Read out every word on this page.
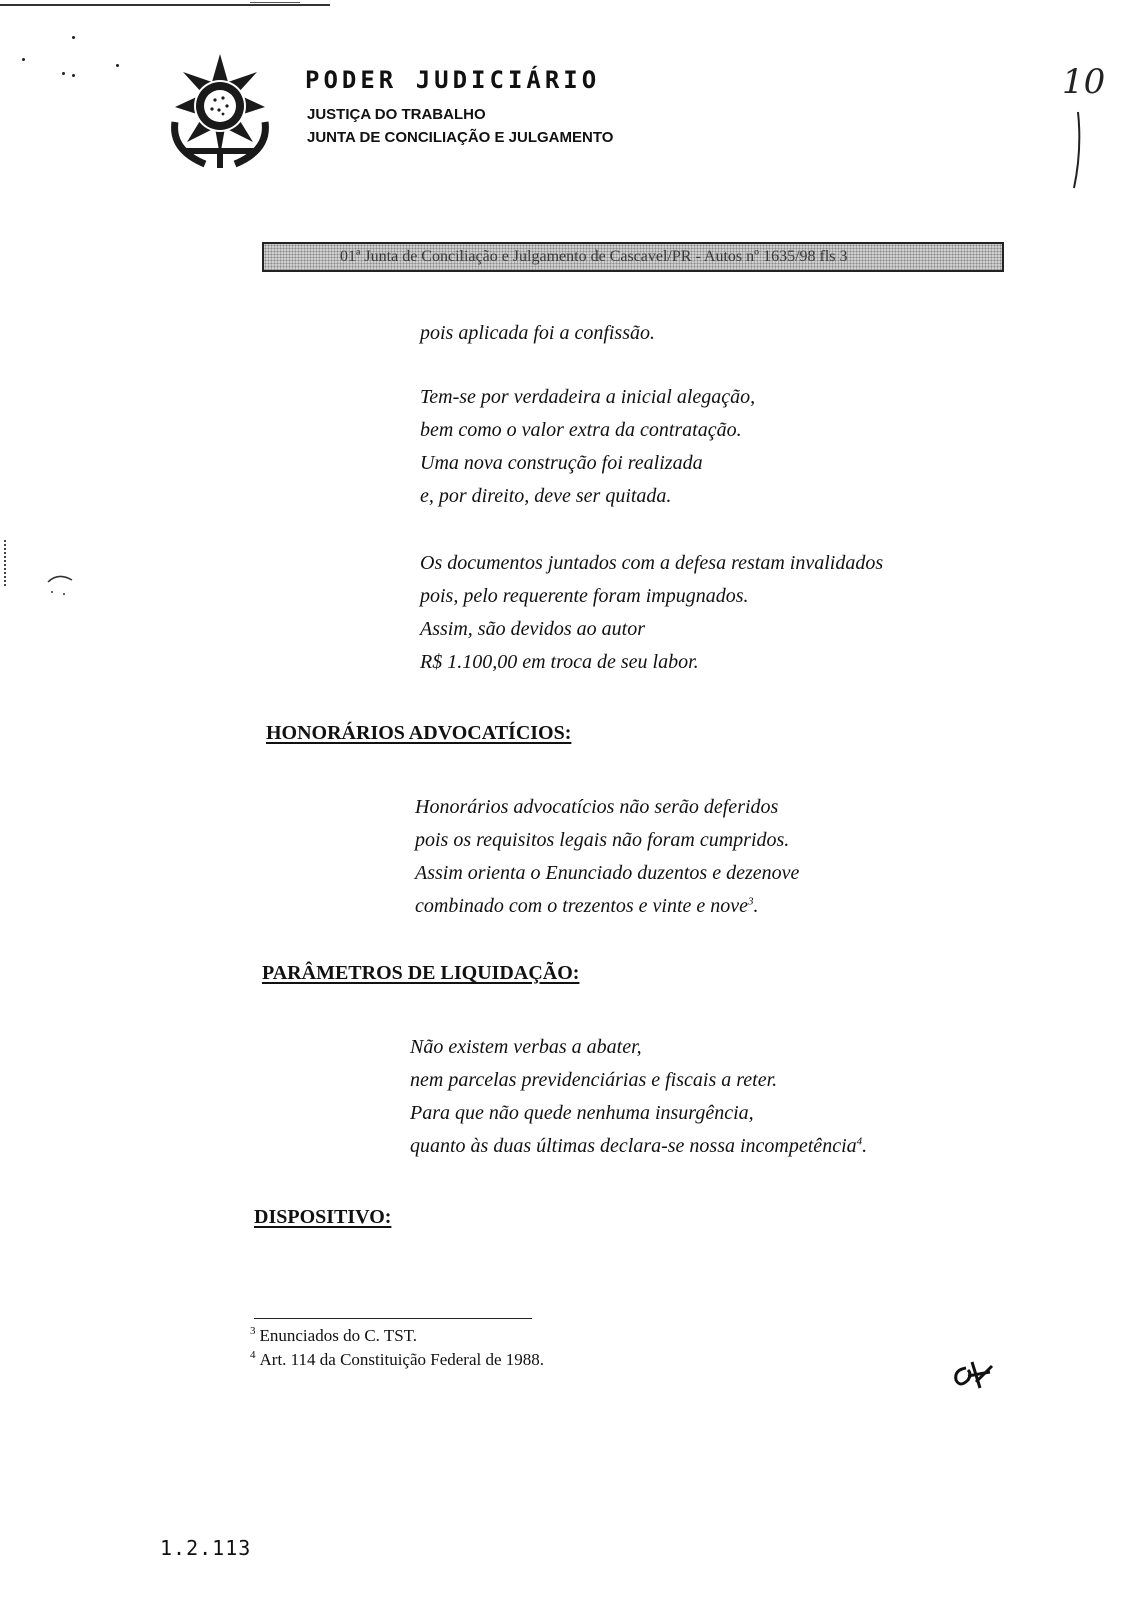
PODER JUDICIÁRIO
JUSTIÇA DO TRABALHO
JUNTA DE CONCILIAÇÃO E JULGAMENTO
10
01ª Junta de Conciliação e Julgamento de Cascavel/PR - Autos nº 1635/98 fls 3
pois aplicada foi a confissão.
Tem-se por verdadeira a inicial alegação,
bem como o valor extra da contratação.
Uma nova construção foi realizada
e, por direito, deve ser quitada.
Os documentos juntados com a defesa restam invalidados
pois, pelo requerente foram impugnados.
Assim, são devidos ao autor
R$ 1.100,00 em troca de seu labor.
HONORÁRIOS ADVOCATÍCIOS:
Honorários advocatícios não serão deferidos
pois os requisitos legais não foram cumpridos.
Assim orienta o Enunciado duzentos e dezenove
combinado com o trezentos e vinte e nove$^3$.
PARÂMETROS DE LIQUIDAÇÃO:
Não existem verbas a abater,
nem parcelas previdenciárias e fiscais a reter.
Para que não quede nenhuma insurgência,
quanto às duas últimas declara-se nossa incompetência$^4$.
DISPOSITIVO:
$^3$ Enunciados do C. TST.
$^4$ Art. 114 da Constituição Federal de 1988.
1.2.113
